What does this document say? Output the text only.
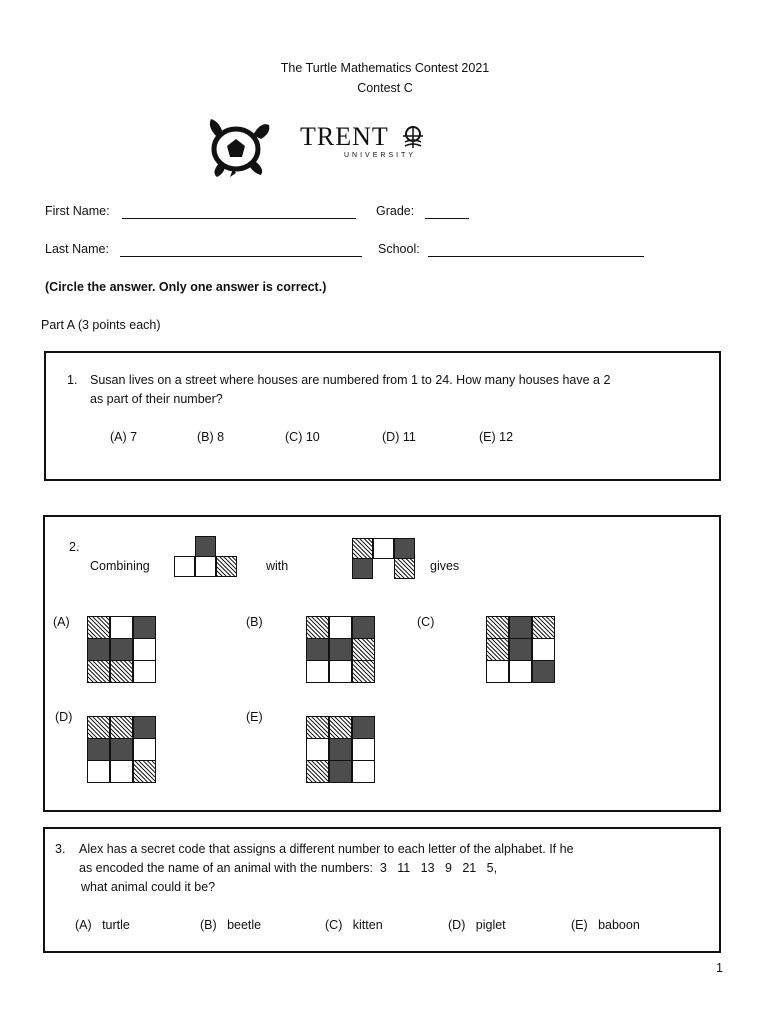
The Turtle Mathematics Contest 2021
Contest C
TRENT
UNIVERSITY
First Name:	Grade:
Last Name:	School:
(Circle the answer. Only one answer is correct.)
Part A (3 points each)
1. Susan lives on a street where houses are numbered from 1 to 24. How many houses have a 2
as part of their number?
(A) 7	(B) 8	(C) 10	(D) 11	(E) 12
2.
Combining	with	gives
(A)	(B)	(C)
(D)	(E)
3. Alex has a secret code that assigns a different number to each letter of the alphabet. If he
as encoded the name of an animal with the numbers:  3   11   13   9   21   5,
what animal could it be?
(A)   turtle	(B)   beetle	(C)   kitten	(D)   piglet	(E)   baboon
1
